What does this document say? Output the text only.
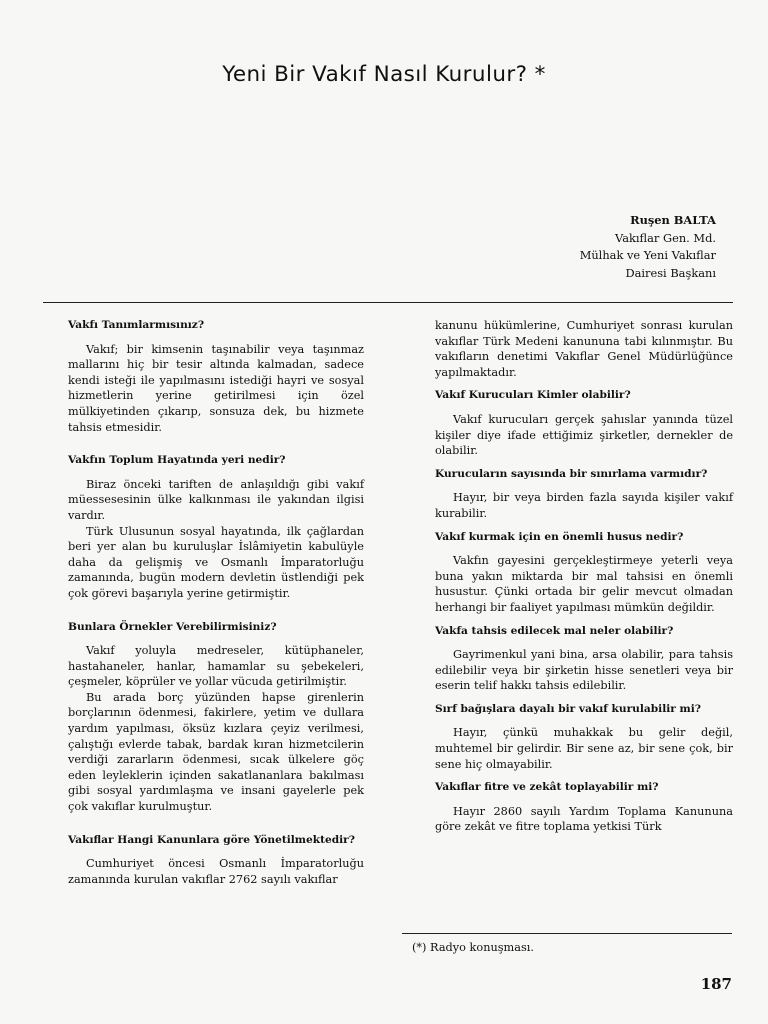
Yeni Bir Vakıf Nasıl Kurulur? *
Ruşen BALTA
Vakıflar Gen. Md.
Mülhak ve Yeni Vakıflar
Dairesi Başkanı

Vakfı Tanımlarmısınız?

Vakıf; bir kimsenin taşınabilir veya taşınmaz mallarını hiç bir tesir altında kalmadan, sadece kendi isteği ile yapılmasını istediği hayri ve sosyal hizmetlerin yerine getirilmesi için özel mülkiyetinden çıkarıp, sonsuza dek, bu hizmete tahsis etmesidir.

Vakfın Toplum Hayatında yeri nedir?

Biraz önceki tariften de anlaşıldığı gibi vakıf müessesesinin ülke kalkınması ile yakından ilgisi vardır.

Türk Ulusunun sosyal hayatında, ilk çağlardan beri yer alan bu kuruluşlar İslâmiyetin kabulüyle daha da gelişmiş ve Osmanlı İmparatorluğu zamanında, bugün modern devletin üstlendiği pek çok görevi başarıyla yerine getirmiştir.

Bunlara Örnekler Verebilirmisiniz?

Vakıf yoluyla medreseler, kütüphaneler, hastahaneler, hanlar, hamamlar su şebekeleri, çeşmeler, köprüler ve yollar vücuda getirilmiştir.

Bu arada borç yüzünden hapse girenlerin borçlarının ödenmesi, fakirlere, yetim ve dullara yardım yapılması, öksüz kızlara çeyiz verilmesi, çalıştığı evlerde tabak, bardak kıran hizmetcilerin verdiği zararların ödenmesi, sıcak ülkelere göç eden leyleklerin içinden sakatlananlara bakılması gibi sosyal yardımlaşma ve insani gayelerle pek çok vakıflar kurulmuştur.

Vakıflar Hangi Kanunlara göre Yönetilmektedir?

Cumhuriyet öncesi Osmanlı İmparatorluğu zamanında kurulan vakıflar 2762 sayılı vakıflar

kanunu hükümlerine, Cumhuriyet sonrası kurulan vakıflar Türk Medeni kanununa tabi kılınmıştır. Bu vakıfların denetimi Vakıflar Genel Müdürlüğünce yapılmaktadır.

Vakıf Kurucuları Kimler olabilir?

Vakıf kurucuları gerçek şahıslar yanında tüzel kişiler diye ifade ettiğimiz şirketler, dernekler de olabilir.

Kurucuların sayısında bir sınırlama varmıdır?

Hayır, bir veya birden fazla sayıda kişiler vakıf kurabilir.

Vakıf kurmak için en önemli husus nedir?

Vakfın gayesini gerçekleştirmeye yeterli veya buna yakın miktarda bir mal tahsisi en önemli husustur. Çünki ortada bir gelir mevcut olmadan herhangi bir faaliyet yapılması mümkün değildir.

Vakfa tahsis edilecek mal neler olabilir?

Gayrimenkul yani bina, arsa olabilir, para tahsis edilebilir veya bir şirketin hisse senetleri veya bir eserin telif hakkı tahsis edilebilir.

Sırf bağışlara dayalı bir vakıf kurulabilir mi?

Hayır, çünkü muhakkak bu gelir değil, muhtemel bir gelirdir. Bir sene az, bir sene çok, bir sene hiç olmayabilir.

Vakıflar fitre ve zekât toplayabilir mi?

Hayır 2860 sayılı Yardım Toplama Kanununa göre zekât ve fitre toplama yetkisi Türk

(*) Radyo konuşması.
187
